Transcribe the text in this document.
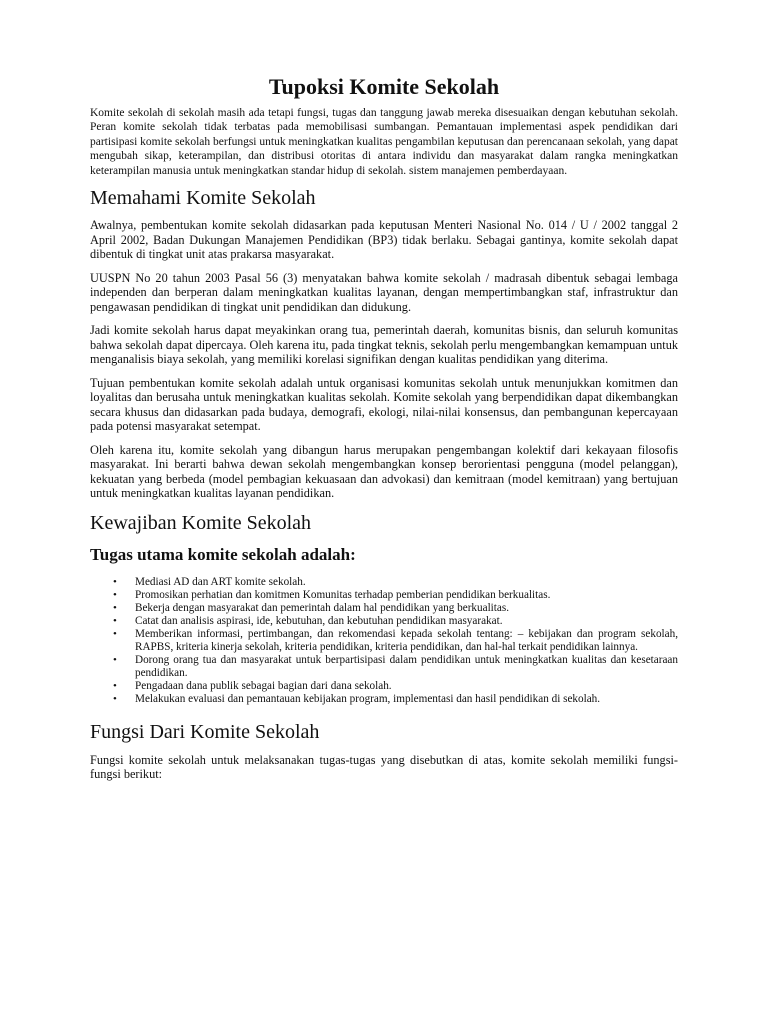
Tupoksi Komite Sekolah

Komite sekolah di sekolah masih ada tetapi fungsi, tugas dan tanggung jawab mereka disesuaikan dengan kebutuhan sekolah. Peran komite sekolah tidak terbatas pada memobilisasi sumbangan. Pemantauan implementasi aspek pendidikan dari partisipasi komite sekolah berfungsi untuk meningkatkan kualitas pengambilan keputusan dan perencanaan sekolah, yang dapat mengubah sikap, keterampilan, dan distribusi otoritas di antara individu dan masyarakat dalam rangka meningkatkan keterampilan manusia untuk meningkatkan standar hidup di sekolah. sistem manajemen pemberdayaan.

Memahami Komite Sekolah

Awalnya, pembentukan komite sekolah didasarkan pada keputusan Menteri Nasional No. 014 / U / 2002 tanggal 2 April 2002, Badan Dukungan Manajemen Pendidikan (BP3) tidak berlaku. Sebagai gantinya, komite sekolah dapat dibentuk di tingkat unit atas prakarsa masyarakat.

UUSPN No 20 tahun 2003 Pasal 56 (3) menyatakan bahwa komite sekolah / madrasah dibentuk sebagai lembaga independen dan berperan dalam meningkatkan kualitas layanan, dengan mempertimbangkan staf, infrastruktur dan pengawasan pendidikan di tingkat unit pendidikan dan didukung.

Jadi komite sekolah harus dapat meyakinkan orang tua, pemerintah daerah, komunitas bisnis, dan seluruh komunitas bahwa sekolah dapat dipercaya. Oleh karena itu, pada tingkat teknis, sekolah perlu mengembangkan kemampuan untuk menganalisis biaya sekolah, yang memiliki korelasi signifikan dengan kualitas pendidikan yang diterima.

Tujuan pembentukan komite sekolah adalah untuk organisasi komunitas sekolah untuk menunjukkan komitmen dan loyalitas dan berusaha untuk meningkatkan kualitas sekolah. Komite sekolah yang berpendidikan dapat dikembangkan secara khusus dan didasarkan pada budaya, demografi, ekologi, nilai-nilai konsensus, dan pembangunan kepercayaan pada potensi masyarakat setempat.

Oleh karena itu, komite sekolah yang dibangun harus merupakan pengembangan kolektif dari kekayaan filosofis masyarakat. Ini berarti bahwa dewan sekolah mengembangkan konsep berorientasi pengguna (model pelanggan), kekuatan yang berbeda (model pembagian kekuasaan dan advokasi) dan kemitraan (model kemitraan) yang bertujuan untuk meningkatkan kualitas layanan pendidikan.

Kewajiban Komite Sekolah
Tugas utama komite sekolah adalah:
• Mediasi AD dan ART komite sekolah.
• Promosikan perhatian dan komitmen Komunitas terhadap pemberian pendidikan berkualitas.
• Bekerja dengan masyarakat dan pemerintah dalam hal pendidikan yang berkualitas.
• Catat dan analisis aspirasi, ide, kebutuhan, dan kebutuhan pendidikan masyarakat.
• Memberikan informasi, pertimbangan, dan rekomendasi kepada sekolah tentang: – kebijakan dan program sekolah, RAPBS, kriteria kinerja sekolah, kriteria pendidikan, kriteria pendidikan, dan hal-hal terkait pendidikan lainnya.
• Dorong orang tua dan masyarakat untuk berpartisipasi dalam pendidikan untuk meningkatkan kualitas dan kesetaraan pendidikan.
• Pengadaan dana publik sebagai bagian dari dana sekolah.
• Melakukan evaluasi dan pemantauan kebijakan program, implementasi dan hasil pendidikan di sekolah.
Fungsi Dari Komite Sekolah

Fungsi komite sekolah untuk melaksanakan tugas-tugas yang disebutkan di atas, komite sekolah memiliki fungsi-fungsi berikut:
